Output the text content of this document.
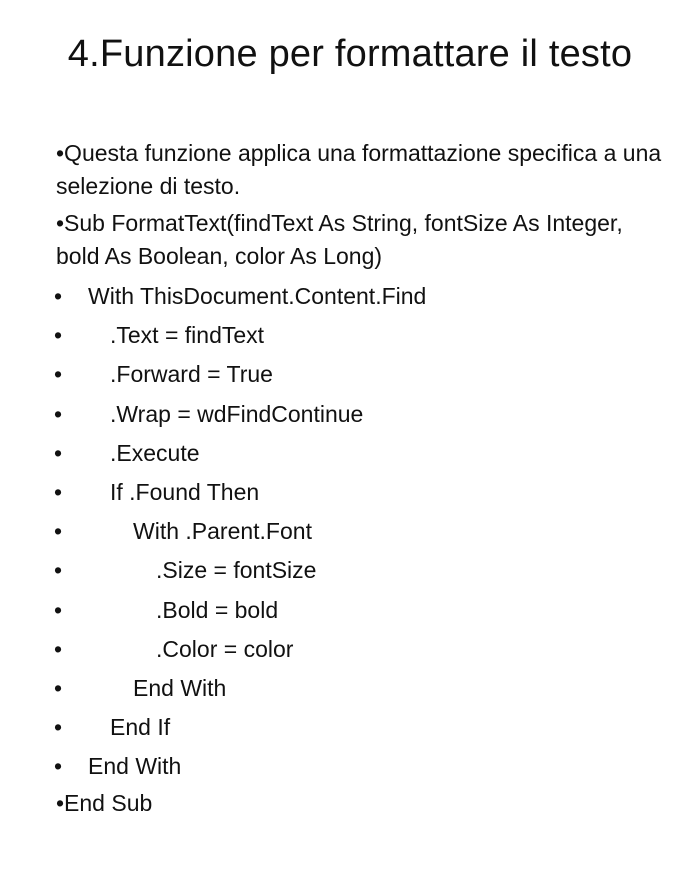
4.Funzione per formattare il testo
•Questa funzione applica una formattazione specifica a una selezione di testo.
•Sub FormatText(findText As String, fontSize As Integer, bold As Boolean, color As Long)

•

With ThisDocument.Content.Find

•

.Text = findText

•

.Forward = True

•

.Wrap = wdFindContinue

•

.Execute

•

If .Found Then

•

	With .Parent.Font

•

	.Size = fontSize

•

	.Bold = bold

•

	.Color = color

•

	End With

•

End If

•

End With

•End Sub
